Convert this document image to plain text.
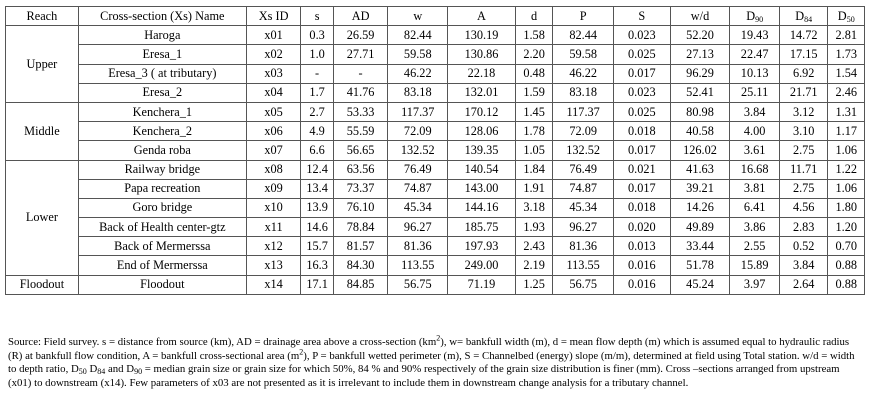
Reach	Cross-section (Xs) Name	Xs ID	s	AD	w	A	d	P	S	w/d	$D_{90}$	$D_{84}$	$D_{50}$
Upper	Haroga	x01	0.3	26.59	82.44	130.19	1.58	82.44	0.023	52.20	19.43	14.72	2.81
	Eresa_1	x02	1.0	27.71	59.58	130.86	2.20	59.58	0.025	27.13	22.47	17.15	1.73
	Eresa_3 ( at tributary)	x03	-	-	46.22	22.18	0.48	46.22	0.017	96.29	10.13	6.92	1.54
	Eresa_2	x04	1.7	41.76	83.18	132.01	1.59	83.18	0.023	52.41	25.11	21.71	2.46
Middle	Kenchera_1	x05	2.7	53.33	117.37	170.12	1.45	117.37	0.025	80.98	3.84	3.12	1.31
	Kenchera_2	x06	4.9	55.59	72.09	128.06	1.78	72.09	0.018	40.58	4.00	3.10	1.17
	Genda roba	x07	6.6	56.65	132.52	139.35	1.05	132.52	0.017	126.02	3.61	2.75	1.06
Lower	Railway bridge	x08	12.4	63.56	76.49	140.54	1.84	76.49	0.021	41.63	16.68	11.71	1.22
	Papa recreation	x09	13.4	73.37	74.87	143.00	1.91	74.87	0.017	39.21	3.81	2.75	1.06
	Goro bridge	x10	13.9	76.10	45.34	144.16	3.18	45.34	0.018	14.26	6.41	4.56	1.80
	Back of Health center-gtz	x11	14.6	78.84	96.27	185.75	1.93	96.27	0.020	49.89	3.86	2.83	1.20
	Back of Mermerssa	x12	15.7	81.57	81.36	197.93	2.43	81.36	0.013	33.44	2.55	0.52	0.70
	End of Mermerssa	x13	16.3	84.30	113.55	249.00	2.19	113.55	0.016	51.78	15.89	3.84	0.88
Floodout	Floodout	x14	17.1	84.85	56.75	71.19	1.25	56.75	0.016	45.24	3.97	2.64	0.88

Source: Field survey. s = distance from source (km), AD = drainage area above a cross-section $(km^2)$, w= bankfull width (m), d = mean flow depth (m) which is assumed equal to hydraulic radius (R) at bankfull flow condition, A = bankfull cross-sectional area $(m^2)$, P = bankfull wetted perimeter (m), S = Channelbed (energy) slope (m/m), determined at field using Total station. w/d = width to depth ratio, $D_{50}$ $D_{84}$ and $D_{90}$ = median grain size or grain size for which 50%, 84 % and 90% respectively of the grain size distribution is finer (mm). Cross –sections arranged from upstream (x01) to downstream (x14). Few parameters of x03 are not presented as it is irrelevant to include them in downstream change analysis for a tributary channel.
